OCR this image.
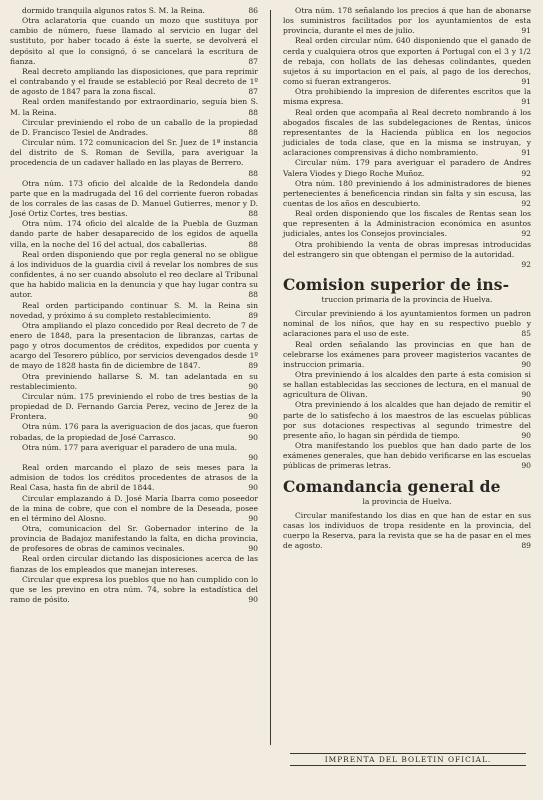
dormido tranquila algunos ratos S. M. la Reina.	86
Otra aclaratoria que cuando un mozo que sustituya por cambio de número, fuese llamado al servicio en lugar del sustituto, por haber tocado á éste la suerte, se devolverá el depósito al que lo consignó, ó se cancelará la escritura de fianza.	87
Real decreto ampliando las disposiciones, que para reprimir el contrabando y el fraude se estableció por Real decreto de 1º de agosto de 1847 para la zona fiscal.	87
Real orden manifestando por extraordinario, seguía bien S. M. la Reina.	88
Circular previniendo el robo de un caballo de la propiedad de D. Francisco Tesiel de Andrades.	88
Circular núm. 172 comunicacion del Sr. Juez de 1ª instancia del distrito de S. Roman de Sevilla, para averiguar la procedencia de un cadaver hallado en las playas de Berrero.
88
Otra núm. 173 oficio del alcalde de la Redondela dando parte que en la madrugada del 16 del corriente fueron robadas de los corrales de las casas de D. Manuel Gutierres, menor y D. José Ortiz Cortes, tres bestias.	88
Otra núm. 174 oficio del alcalde de la Puebla de Guzman dando parte de haber desaparecido de los egidos de aquella villa, en la noche del 16 del actual, dos caballerias.	88
Real orden disponiendo que por regla general no se obligue á los individuos de la guardia civil á revelar los nombres de sus confidentes, á no ser cuando absoluto el reo declare al Tribunal que ha habido malicia en la denuncia y que hay lugar contra su autor.	88
Real orden participando continuar S. M. la Reina sin novedad, y próximo á su completo restablecimiento.	89
Otra ampliando el plazo concedido por Real decreto de 7 de enero de 1848, para la presentacion de libranzas, cartas de pago y otros documentos de créditos, expedidos por cuenta y acargo del Tesorero público, por servicios devengados desde 1º de mayo de 1828 hasta fin de diciembre de 1847.	89
Otra previniendo hallarse S. M. tan adelantada en su restablecimiento.	90
Circular núm. 175 previniendo el robo de tres bestias de la propiedad de D. Fernando Garcia Perez, vecino de Jerez de la Frontera.	90
Otra núm. 176 para la averiguacion de dos jacas, que fueron robadas, de la propiedad de José Carrasco.	90
Otra núm. 177 para averiguar el paradero de una mula.
90
Real orden marcando el plazo de seis meses para la admision de todos los créditos procedentes de atrasos de la Real Casa, hasta fin de abril de 1844.	90
Circular emplazando á D. José María Ibarra como poseedor de la mina de cobre, que con el nombre de la Deseada, posee en el término del Alosno.	90
Otra, comunicacion del Sr. Gobernador interino de la provincia de Badajoz manifestando la falta, en dicha provincia, de profesores de obras de caminos vecinales.	90
Real orden circular dictando las disposiciones acerca de las fianzas de los empleados que manejan intereses.
Circular que expresa los pueblos que no han cumplido con lo que se les previno en otra núm. 74, sobre la estadística del ramo de pósito.	90
Otra núm. 178 señalando los precios á que han de abonarse los suministros facilitados por los ayuntamientos de esta provincia, durante el mes de julio.	91
Real orden circular núm. 640 disponiendo que el ganado de cerda y cualquiera otros que exporten á Portugal con el 3 y 1/2 de rebaja, con hollats de las dehesas colindantes, queden sujetos á su importacion en el país, al pago de los derechos, como si fueran extrangeros.	91
Otra prohibiendo la impresion de diferentes escritos que la misma expresa.	91
Real orden que acompaña al Real decreto nombrando á los abogados fiscales de las subdelegaciones de Rentas, únicos representantes de la Hacienda pública en los negocios judiciales de toda clase, que en la misma se instruyan, y aclaraciones comprensivas á dicho nombramiento.	91
Circular núm. 179 para averiguar el paradero de Andres Valera Viodes y Diego Roche Muñoz.	92
Otra núm. 180 previniendo á los administradores de bienes pertenecientes á beneficencia rindan sin falta y sin escusa, las cuentas de los años en descubierto.	92
Real orden disponiendo que los fiscales de Rentas sean los que representen á la Administracion económica en asuntos judiciales, antes los Consejos provinciales.	92
Otra prohibiendo la venta de obras impresas introducidas del estrangero sin que obtengan el permiso de la autoridad.
92
Comision superior de ins-
truccion primaria de la provincia de Huelva.
Circular previniendo á los ayuntamientos formen un padron nominal de los niños, que hay en su respectivo pueblo y aclaraciones para el uso de este.	85
Real orden señalando las provincias en que han de celebrarse los exámenes para proveer magisterios vacantes de instruccion primaria.	90
Otra previniendo á los alcaldes den parte á esta comision si se hallan establecidas las secciones de lectura, en el manual de agricultura de Olivan.	90
Otra previniendo á los alcaldes que han dejado de remitir el parte de lo satisfecho á los maestros de las escuelas públicas por sus dotaciones respectivas al segundo trimestre del presente año, lo hagan sin pérdida de tiempo.	90
Otra manifestando los pueblos que han dado parte de los exámenes generales, que han debido verificarse en las escuelas públicas de primeras letras.	90
Comandancia general de
la provincia de Huelva.
Circular manifestando los dias en que han de estar en sus casas los individuos de tropa residente en la provincia, del cuerpo la Reserva, para la revista que se ha de pasar en el mes de agosto.	89
IMPRENTA DEL BOLETIN OFICIAL.
